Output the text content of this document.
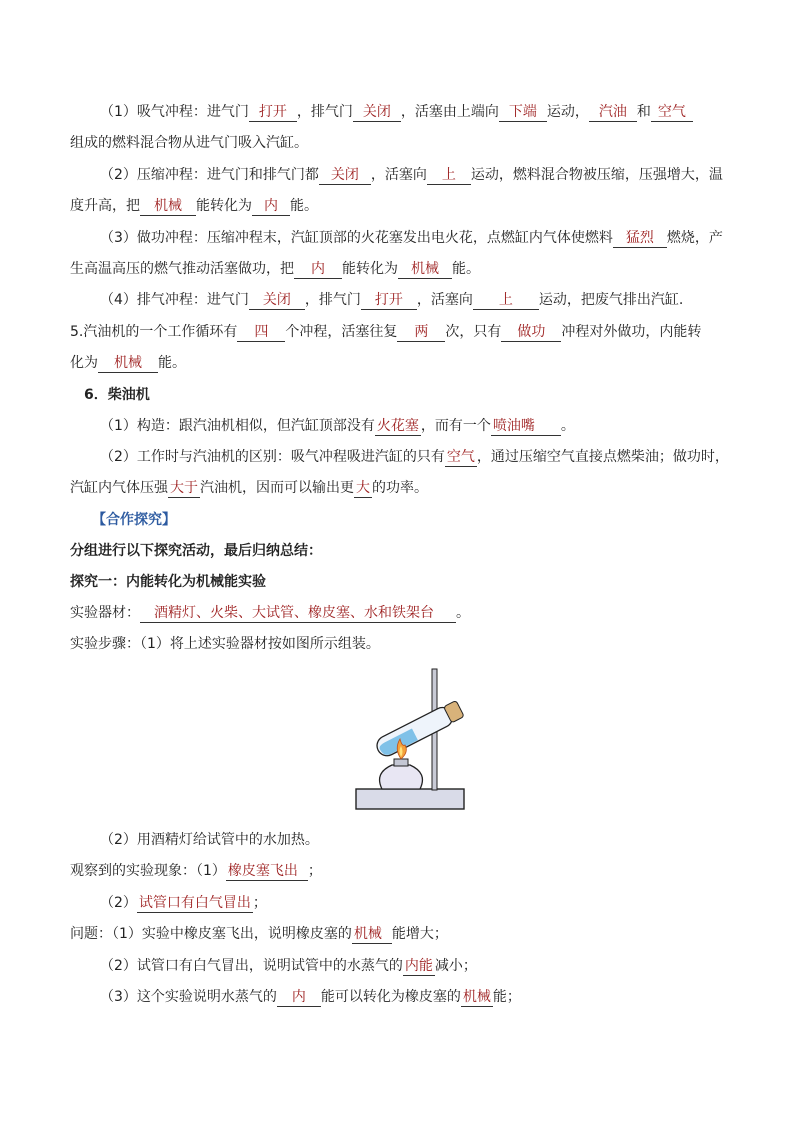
（1）吸气冲程：进气门 打开 ，排气门 关闭 ，活塞由上端向 下端 运动， 汽油 和 空气
组成的燃料混合物从进气门吸入汽缸。
（2）压缩冲程：进气门和排气门都 关闭 ，活塞向 上 运动，燃料混合物被压缩，压强增大，温
度升高，把 机械 能转化为 内 能。
（3）做功冲程：压缩冲程末，汽缸顶部的火花塞发出电火花，点燃缸内气体使燃料 猛烈 燃烧，产
生高温高压的燃气推动活塞做功，把 内 能转化为 机械 能。
（4）排气冲程：进气门 关闭 ，排气门 打开 ，活塞向 上 运动，把废气排出汽缸.
5.汽油机的一个工作循环有 四 个冲程，活塞往复 两 次，只有 做功 冲程对外做功，内能转
化为 机械 能。
6．柴油机
（1）构造：跟汽油机相似，但汽缸顶部没有 火花塞 ，而有一个 喷油嘴 。
（2）工作时与汽油机的区别：吸气冲程吸进汽缸的只有 空气 ，通过压缩空气直接点燃柴油；做功时，
汽缸内气体压强 大于 汽油机，因而可以输出更 大 的功率。
【合作探究】
分组进行以下探究活动，最后归纳总结：
探究一：内能转化为机械能实验
实验器材： 酒精灯、火柴、大试管、橡皮塞、水和铁架台 。
实验步骤：（1）将上述实验器材按如图所示组装。
（2）用酒精灯给试管中的水加热。
观察到的实验现象：（1） 橡皮塞飞出 ；
（2） 试管口有白气冒出 ；
问题：（1）实验中橡皮塞飞出，说明橡皮塞的 机械 能增大；
（2）试管口有白气冒出，说明试管中的水蒸气的 内能 减小；
（3）这个实验说明水蒸气的 内 能可以转化为橡皮塞的 机械 能；
